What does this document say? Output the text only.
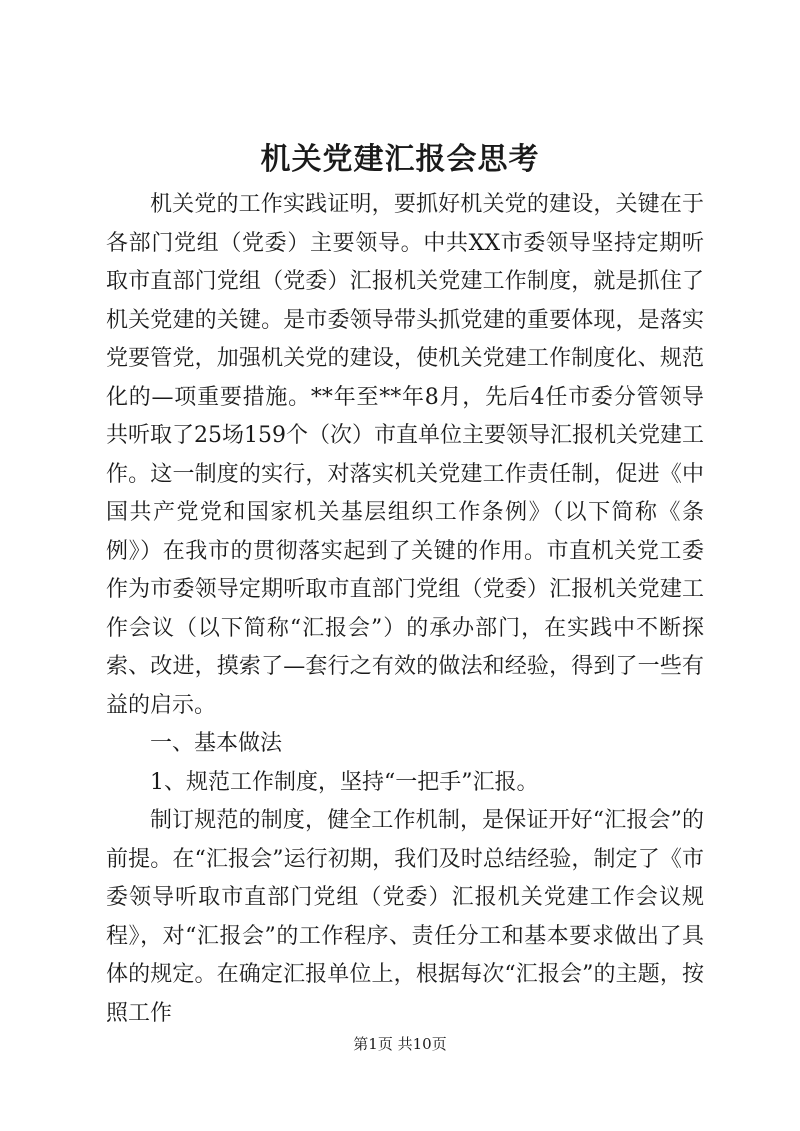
机关党建汇报会思考

机关党的工作实践证明，要抓好机关党的建设，关键在于各部门党组（党委）主要领导。中共XX市委领导坚持定期听取市直部门党组（党委）汇报机关党建工作制度，就是抓住了机关党建的关键。是市委领导带头抓党建的重要体现，是落实党要管党，加强机关党的建设，使机关党建工作制度化、规范化的—项重要措施。**年至**年8月，先后4任市委分管领导共听取了25场159个（次）市直单位主要领导汇报机关党建工作。这一制度的实行，对落实机关党建工作责任制，促进《中国共产党党和国家机关基层组织工作条例》（以下简称《条例》）在我市的贯彻落实起到了关键的作用。市直机关党工委作为市委领导定期听取市直部门党组（党委）汇报机关党建工作会议（以下简称“汇报会”）的承办部门，在实践中不断探索、改进，摸索了—套行之有效的做法和经验，得到了一些有益的启示。

一、基本做法

1、规范工作制度，坚持“一把手”汇报。

制订规范的制度，健全工作机制，是保证开好“汇报会”的前提。在“汇报会”运行初期，我们及时总结经验，制定了《市委领导听取市直部门党组（党委）汇报机关党建工作会议规程》，对“汇报会”的工作程序、责任分工和基本要求做出了具体的规定。在确定汇报单位上，根据每次“汇报会”的主题，按照工作

第1页 共10页
